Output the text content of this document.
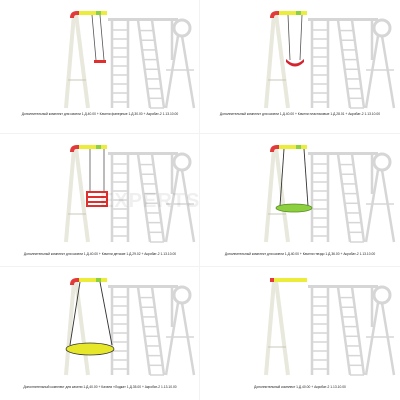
Дополнительный комплект для качели 1.Д.40.00 + Качели фанерные 1.Д.30.00 + Акробат-2 1.13.10.00	Дополнительный комплект для качели 1.Д.40.00 + Качели пластиковые 1.Д.28.01 + Акробат-2 1.13.10.00
Дополнительный комплект для качели 1.Д.40.00 + Качели детские 1.Д.29.02 + Акробат-2 1.13.10.00	Дополнительный комплект для качели 1.Д.40.00 + Качели гнездо 1.Д.36.00 + Акробат-2 1.13.10.00
Дополнительный комплект для качели 1.Д.40.00 + Качели «Лодка» 1.Д.35.00 + Акробат-2 1.13.10.00	Дополнительный комплект 1.Д.40.00 + Акробат-2 1.13.10.00
EXPERTS
